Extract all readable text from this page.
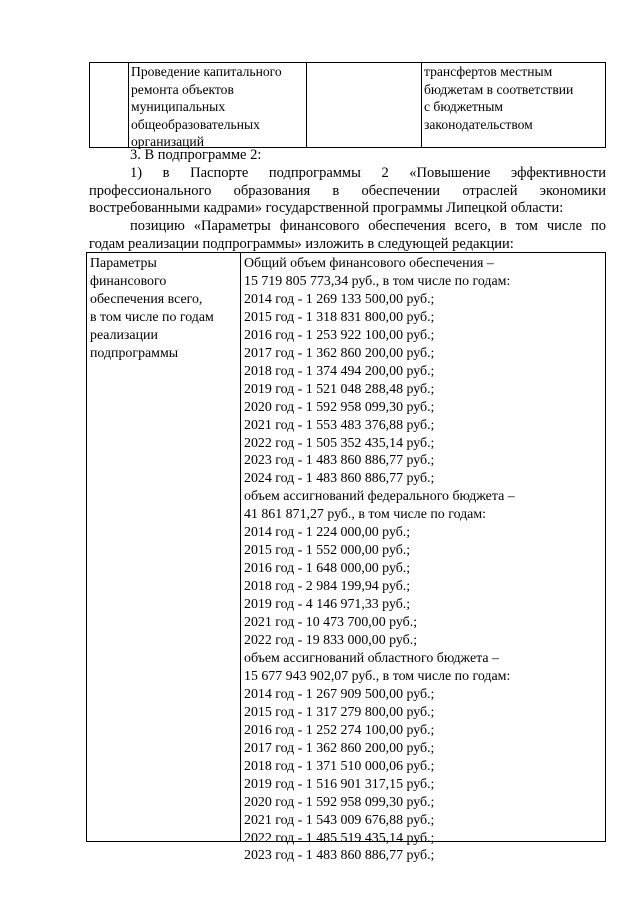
Проведение капитального
ремонта объектов
муниципальных
общеобразовательных
организаций
трансфертов местным
бюджетам в соответствии
с бюджетным
законодательством
3. В подпрограмме 2:
1) в Паспорте подпрограммы 2 «Повышение эффективности
профессионального образования в обеспечении отраслей экономики
востребованными кадрами» государственной программы Липецкой области:
позицию «Параметры финансового обеспечения всего, в том числе по
годам реализации подпрограммы» изложить в следующей редакции:
Параметры
финансового
обеспечения всего,
в том числе по годам
реализации
подпрограммы
Общий объем финансового обеспечения –
15 719 805 773,34 руб., в том числе по годам:
2014 год - 1 269 133 500,00 руб.;
2015 год - 1 318 831 800,00 руб.;
2016 год - 1 253 922 100,00 руб.;
2017 год - 1 362 860 200,00 руб.;
2018 год - 1 374 494 200,00 руб.;
2019 год - 1 521 048 288,48 руб.;
2020 год - 1 592 958 099,30 руб.;
2021 год - 1 553 483 376,88 руб.;
2022 год - 1 505 352 435,14 руб.;
2023 год - 1 483 860 886,77 руб.;
2024 год - 1 483 860 886,77 руб.;
объем ассигнований федерального бюджета –
41 861 871,27 руб., в том числе по годам:
2014 год - 1 224 000,00 руб.;
2015 год - 1 552 000,00 руб.;
2016 год - 1 648 000,00 руб.;
2018 год - 2 984 199,94 руб.;
2019 год - 4 146 971,33 руб.;
2021 год - 10 473 700,00 руб.;
2022 год - 19 833 000,00 руб.;
объем ассигнований областного бюджета –
15 677 943 902,07 руб., в том числе по годам:
2014 год - 1 267 909 500,00 руб.;
2015 год - 1 317 279 800,00 руб.;
2016 год - 1 252 274 100,00 руб.;
2017 год - 1 362 860 200,00 руб.;
2018 год - 1 371 510 000,06 руб.;
2019 год - 1 516 901 317,15 руб.;
2020 год - 1 592 958 099,30 руб.;
2021 год - 1 543 009 676,88 руб.;
2022 год - 1 485 519 435,14 руб.;
2023 год - 1 483 860 886,77 руб.;
